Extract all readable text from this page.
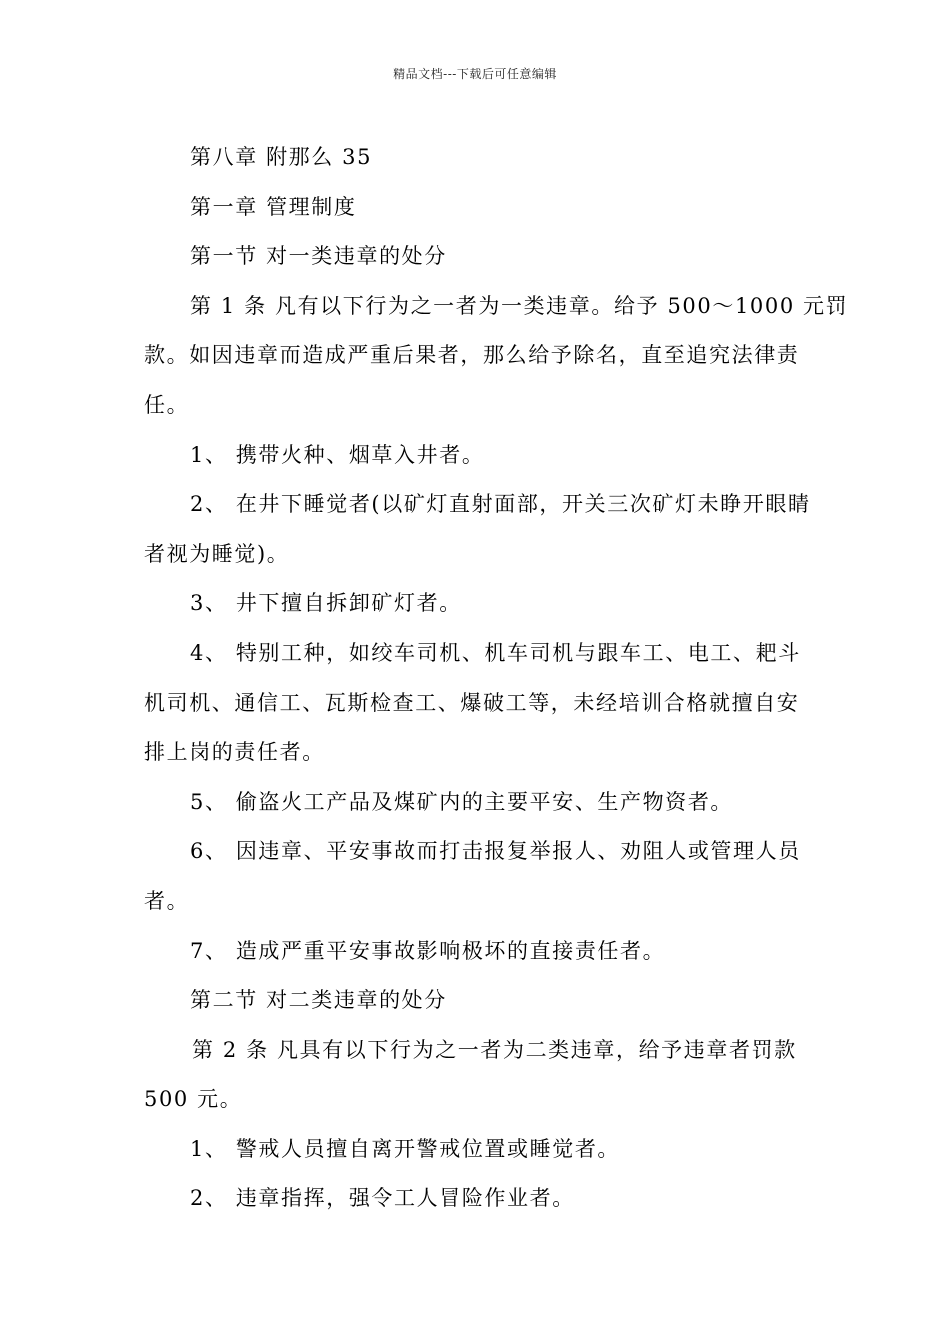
精品文档---下载后可任意编辑

第八章 附那么 35

第一章 管理制度

第一节 对一类违章的处分

第 1 条 凡有以下行为之一者为一类违章。给予 500～1000 元罚

款。如因违章而造成严重后果者，那么给予除名，直至追究法律责

任。

1、 携带火种、烟草入井者。

2、 在井下睡觉者(以矿灯直射面部，开关三次矿灯未睁开眼睛

者视为睡觉)。

3、 井下擅自拆卸矿灯者。

4、 特别工种，如绞车司机、机车司机与跟车工、电工、耙斗

机司机、通信工、瓦斯检查工、爆破工等，未经培训合格就擅自安

排上岗的责任者。

5、 偷盗火工产品及煤矿内的主要平安、生产物资者。

6、 因违章、平安事故而打击报复举报人、劝阻人或管理人员

者。

7、 造成严重平安事故影响极坏的直接责任者。

第二节 对二类违章的处分

第 2 条 凡具有以下行为之一者为二类违章，给予违章者罚款

500 元。

1、 警戒人员擅自离开警戒位置或睡觉者。

2、 违章指挥，强令工人冒险作业者。
